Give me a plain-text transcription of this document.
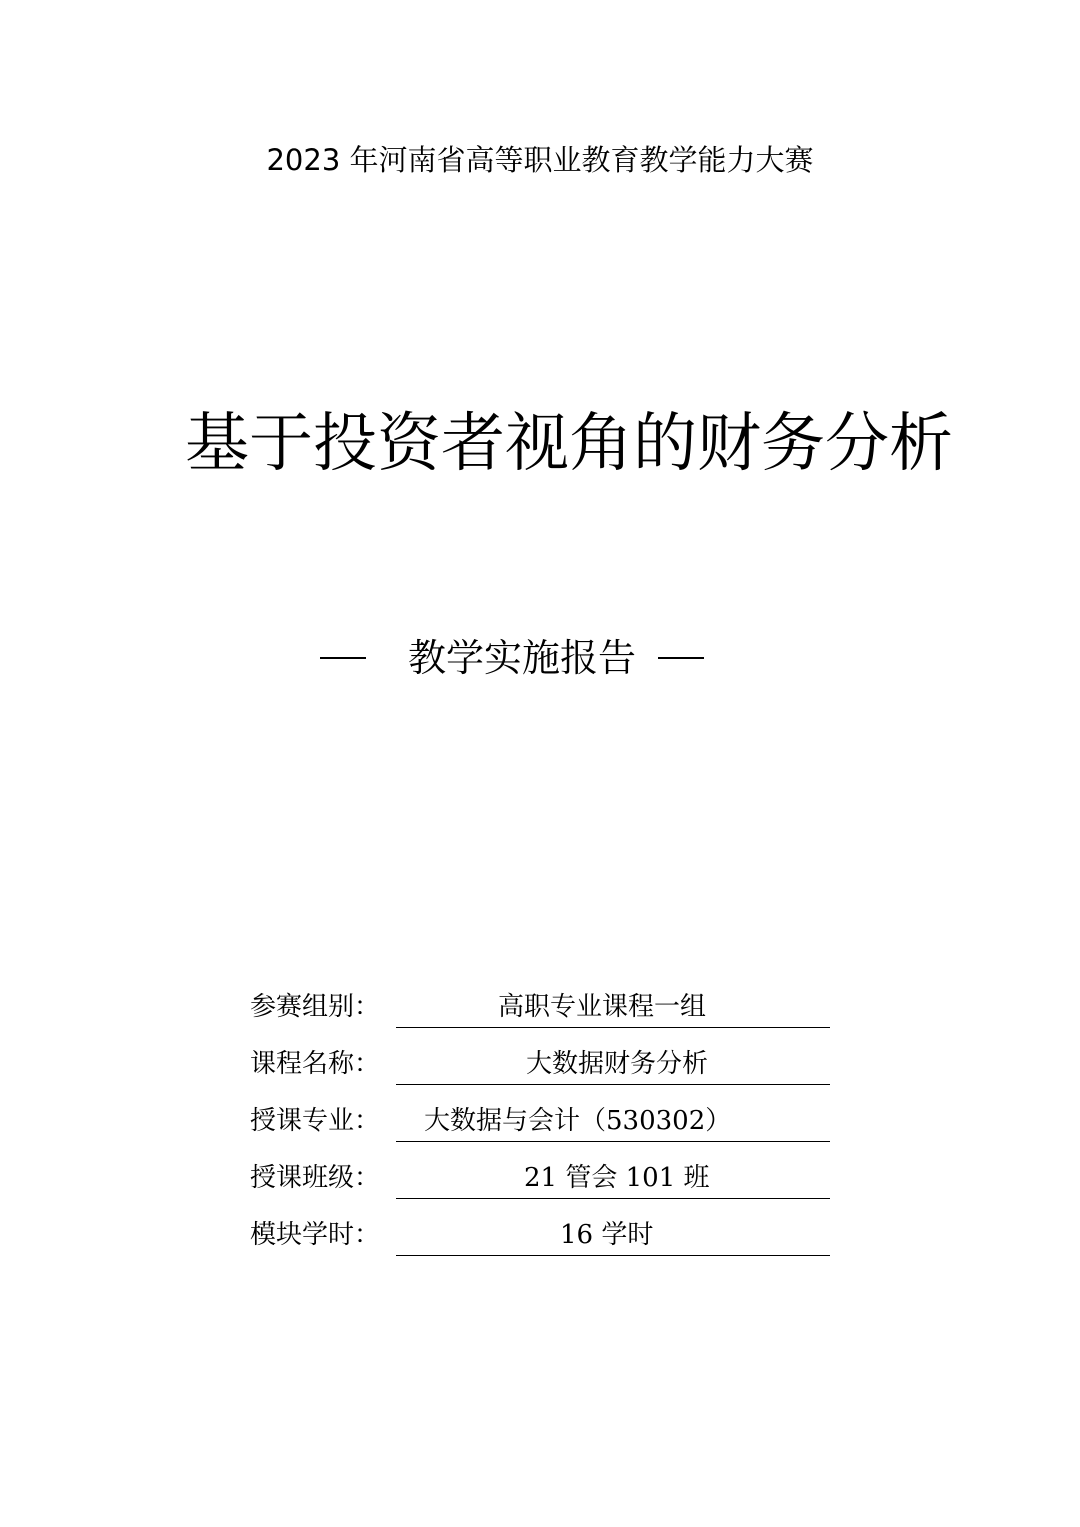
2023 年河南省高等职业教育教学能力大赛
基于投资者视角的财务分析
教学实施报告
参赛组别：	高职专业课程一组
课程名称：	大数据财务分析
授课专业： 大数据与会计（530302）
授课班级：	21 管会 101 班
模块学时：	16 学时
